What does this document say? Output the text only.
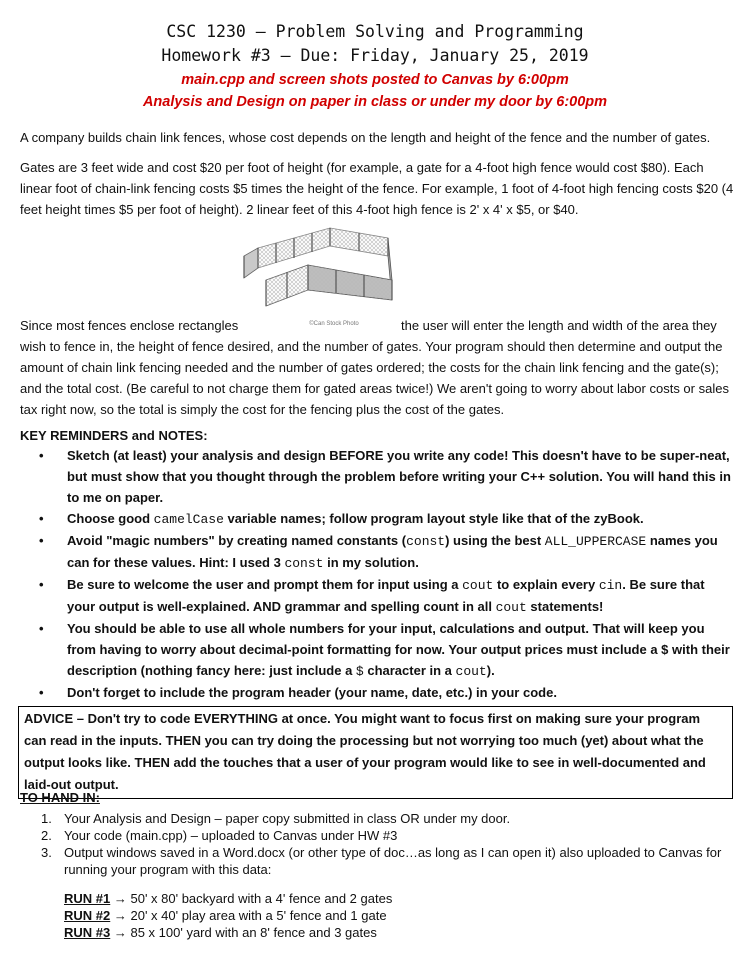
CSC 1230 – Problem Solving and Programming
Homework #3 – Due: Friday, January 25, 2019
main.cpp and screen shots posted to Canvas by 6:00pm
Analysis and Design on paper in class or under my door by 6:00pm
A company builds chain link fences, whose cost depends on the length and height of the fence and the number of gates.
Gates are 3 feet wide and cost $20 per foot of height (for example, a gate for a 4-foot high fence would cost $80). Each linear foot of chain-link fencing costs $5 times the height of the fence. For example, 1 foot of 4-foot high fencing costs $20 (4 feet height times $5 per foot of height). 2 linear feet of this 4-foot high fence is 2' x 4' x $5, or $40.
©Can Stock Photo
Since most fences enclose rectangles	the user will enter the length and width of the area they
wish to fence in, the height of fence desired, and the number of gates. Your program should then determine and output the amount of chain link fencing needed and the number of gates ordered; the costs for the chain link fencing and the gate(s); and the total cost. (Be careful to not charge them for gated areas twice!) We aren't going to worry about labor costs or sales tax right now, so the total is simply the cost for the fencing plus the cost of the gates.
KEY REMINDERS and NOTES:
• Sketch (at least) your analysis and design BEFORE you write any code! This doesn't have to be super-neat, but must show that you thought through the problem before writing your C++ solution. You will hand this in to me on paper.
• Choose good camelCase variable names; follow program layout style like that of the zyBook.
• Avoid "magic numbers" by creating named constants (const) using the best ALL_UPPERCASE names you can for these values. Hint: I used 3 const in my solution.
• Be sure to welcome the user and prompt them for input using a cout to explain every cin. Be sure that your output is well-explained. AND grammar and spelling count in all cout statements!
• You should be able to use all whole numbers for your input, calculations and output. That will keep you from having to worry about decimal-point formatting for now. Your output prices must include a $ with their description (nothing fancy here: just include a $ character in a cout).
• Don't forget to include the program header (your name, date, etc.) in your code.
ADVICE – Don't try to code EVERYTHING at once. You might want to focus first on making sure your program can read in the inputs. THEN you can try doing the processing but not worrying too much (yet) about what the output looks like. THEN add the touches that a user of your program would like to see in well-documented and laid-out output.
TO HAND IN:
1. Your Analysis and Design – paper copy submitted in class OR under my door.
2. Your code (main.cpp) – uploaded to Canvas under HW #3
3. Output windows saved in a Word.docx (or other type of doc…as long as I can open it) also uploaded to Canvas for running your program with this data:
RUN #1 → 50' x 80' backyard with a 4' fence and 2 gates
RUN #2 → 20' x 40' play area with a 5' fence and 1 gate
RUN #3 → 85 x 100' yard with an 8' fence and 3 gates
